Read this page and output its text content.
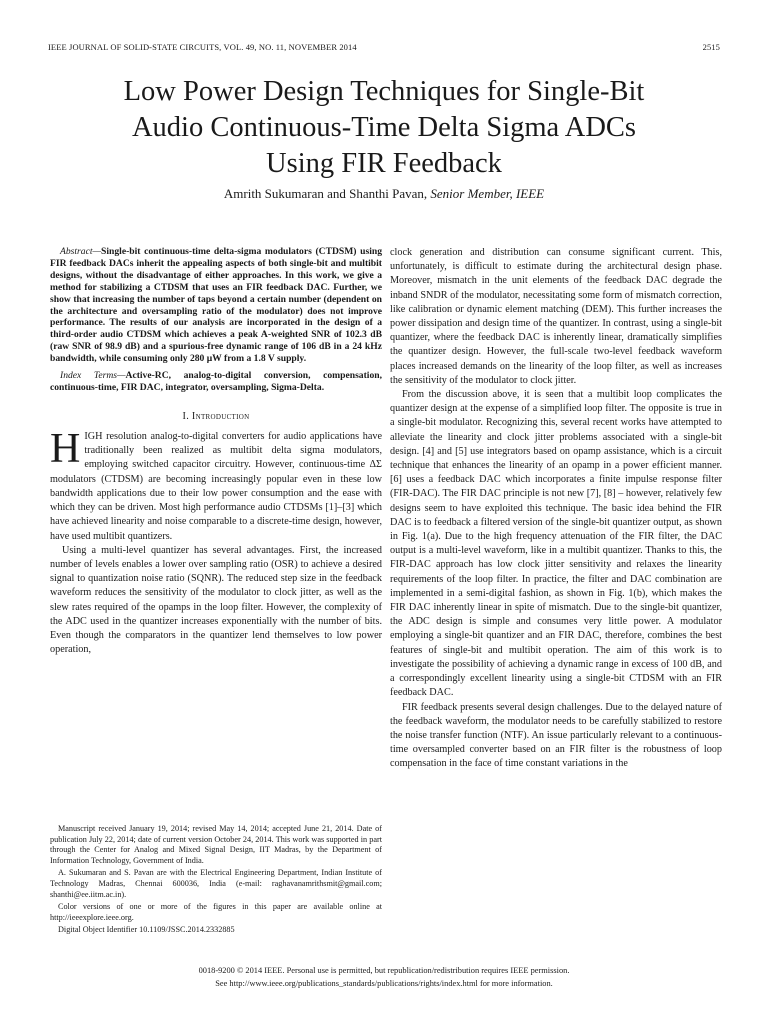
IEEE JOURNAL OF SOLID-STATE CIRCUITS, VOL. 49, NO. 11, NOVEMBER 2014	2515
Low Power Design Techniques for Single-Bit
Audio Continuous-Time Delta Sigma ADCs
Using FIR Feedback
Amrith Sukumaran and Shanthi Pavan, Senior Member, IEEE

Abstract—Single-bit continuous-time delta-sigma modulators (CTDSM) using FIR feedback DACs inherit the appealing aspects of both single-bit and multibit designs, without the disadvantage of either approaches. In this work, we give a method for stabilizing a CTDSM that uses an FIR feedback DAC. Further, we show that increasing the number of taps beyond a certain number (dependent on the architecture and oversampling ratio of the modulator) does not improve performance. The results of our analysis are incorporated in the design of a third-order audio CTDSM which achieves a peak A-weighted SNR of 102.3 dB (raw SNR of 98.9 dB) and a spurious-free dynamic range of 106 dB in a 24 kHz bandwidth, while consuming only 280 μW from a 1.8 V supply.

Index Terms—Active-RC, analog-to-digital conversion, compensation, continuous-time, FIR DAC, integrator, oversampling, Sigma-Delta.

I. Introduction

HIGH resolution analog-to-digital converters for audio applications have traditionally been realized as multibit delta sigma modulators, employing switched capacitor circuitry. However, continuous-time ΔΣ modulators (CTDSM) are becoming increasingly popular even in these low bandwidth applications due to their low power consumption and the ease with which they can be driven. Most high performance audio CTDSMs [1]–[3] which have achieved linearity and noise comparable to a discrete-time design, however, have used multibit quantizers.

Using a multi-level quantizer has several advantages. First, the increased number of levels enables a lower over sampling ratio (OSR) to achieve a desired signal to quantization noise ratio (SQNR). The reduced step size in the feedback waveform reduces the sensitivity of the modulator to clock jitter, as well as the slew rates required of the opamps in the loop filter. However, the complexity of the ADC used in the quantizer increases exponentially with the number of bits. Even though the comparators in the quantizer lend themselves to low power operation,

Manuscript received January 19, 2014; revised May 14, 2014; accepted June 21, 2014. Date of publication July 22, 2014; date of current version October 24, 2014. This work was supported in part through the Center for Analog and Mixed Signal Design, IIT Madras, by the Department of Information Technology, Government of India.

A. Sukumaran and S. Pavan are with the Electrical Engineering Department, Indian Institute of Technology Madras, Chennai 600036, India (e-mail: raghavanamrithsmit@gmail.com; shanthi@ee.iitm.ac.in).

Color versions of one or more of the figures in this paper are available online at http://ieeexplore.ieee.org.

Digital Object Identifier 10.1109/JSSC.2014.2332885

clock generation and distribution can consume significant current. This, unfortunately, is difficult to estimate during the architectural design phase. Moreover, mismatch in the unit elements of the feedback DAC degrade the inband SNDR of the modulator, necessitating some form of mismatch correction, like calibration or dynamic element matching (DEM). This further increases the power dissipation and design time of the quantizer. In contrast, using a single-bit quantizer, where the feedback DAC is inherently linear, dramatically simplifies the quantizer design. However, the full-scale two-level feedback waveform places increased demands on the linearity of the loop filter, as well as increases the sensitivity of the modulator to clock jitter.

From the discussion above, it is seen that a multibit loop complicates the quantizer design at the expense of a simplified loop filter. The opposite is true in a single-bit modulator. Recognizing this, several recent works have attempted to alleviate the linearity and clock jitter problems associated with a single-bit design. [4] and [5] use integrators based on opamp assistance, which is a circuit technique that enhances the linearity of an opamp in a power efficient manner. [6] uses a feedback DAC which incorporates a finite impulse response filter (FIR-DAC). The FIR DAC principle is not new [7], [8] – however, relatively few designs seem to have exploited this technique. The basic idea behind the FIR DAC is to feedback a filtered version of the single-bit quantizer output, as shown in Fig. 1(a). Due to the high frequency attenuation of the FIR filter, the DAC output is a multi-level waveform, like in a multibit quantizer. Thanks to this, the FIR-DAC approach has low clock jitter sensitivity and relaxes the linearity requirements of the loop filter. In practice, the filter and DAC combination are implemented in a semi-digital fashion, as shown in Fig. 1(b), which makes the FIR DAC inherently linear in spite of mismatch. Due to the single-bit quantizer, the ADC design is simple and consumes very little power. A modulator employing a single-bit quantizer and an FIR DAC, therefore, combines the best features of single-bit and multibit operation. The aim of this work is to investigate the possibility of achieving a dynamic range in excess of 100 dB, and a correspondingly excellent linearity using a single-bit CTDSM with an FIR feedback DAC.

FIR feedback presents several design challenges. Due to the delayed nature of the feedback waveform, the modulator needs to be carefully stabilized to restore the noise transfer function (NTF). An issue particularly relevant to a continuous-time oversampled converter based on an FIR filter is the robustness of loop compensation in the face of time constant variations in the

0018-9200 © 2014 IEEE. Personal use is permitted, but republication/redistribution requires IEEE permission.
See http://www.ieee.org/publications_standards/publications/rights/index.html for more information.
